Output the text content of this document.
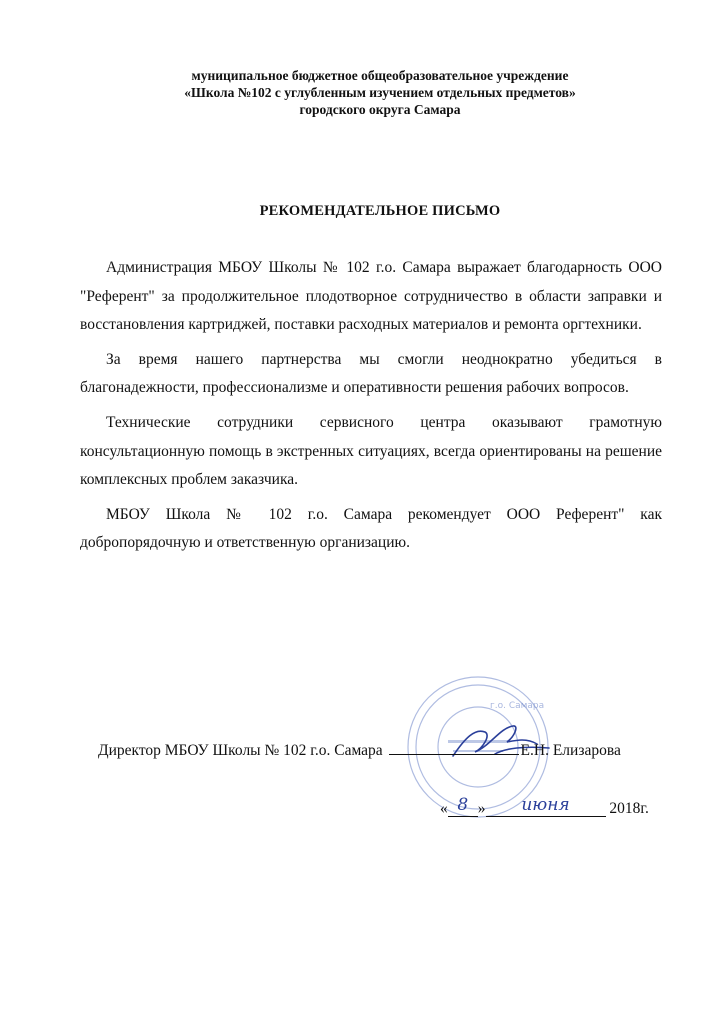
муниципальное бюджетное общеобразовательное учреждение
«Школа №102 с углубленным изучением отдельных предметов»
городского округа Самара
РЕКОМЕНДАТЕЛЬНОЕ ПИСЬМО

Администрация МБОУ Школы № 102 г.о. Самара выражает благодарность ООО "Референт" за продолжительное плодотворное сотрудничество в области заправки и восстановления картриджей, поставки расходных материалов и ремонта оргтехники.

За время нашего партнерства мы смогли неоднократно убедиться в благонадежности, профессионализме и оперативности решения рабочих вопросов.

Технические сотрудники сервисного центра оказывают грамотную консультационную помощь в экстренных ситуациях, всегда ориентированы на решение комплексных проблем заказчика.

МБОУ Школа № 102 г.о. Самара рекомендует ООО Референт" как добропорядочную и ответственную организацию.

г.о. Самара
Директор МБОУ Школы № 102 г.о. Самара	Е.Н. Елизарова
« 8 » июня	2018г.
